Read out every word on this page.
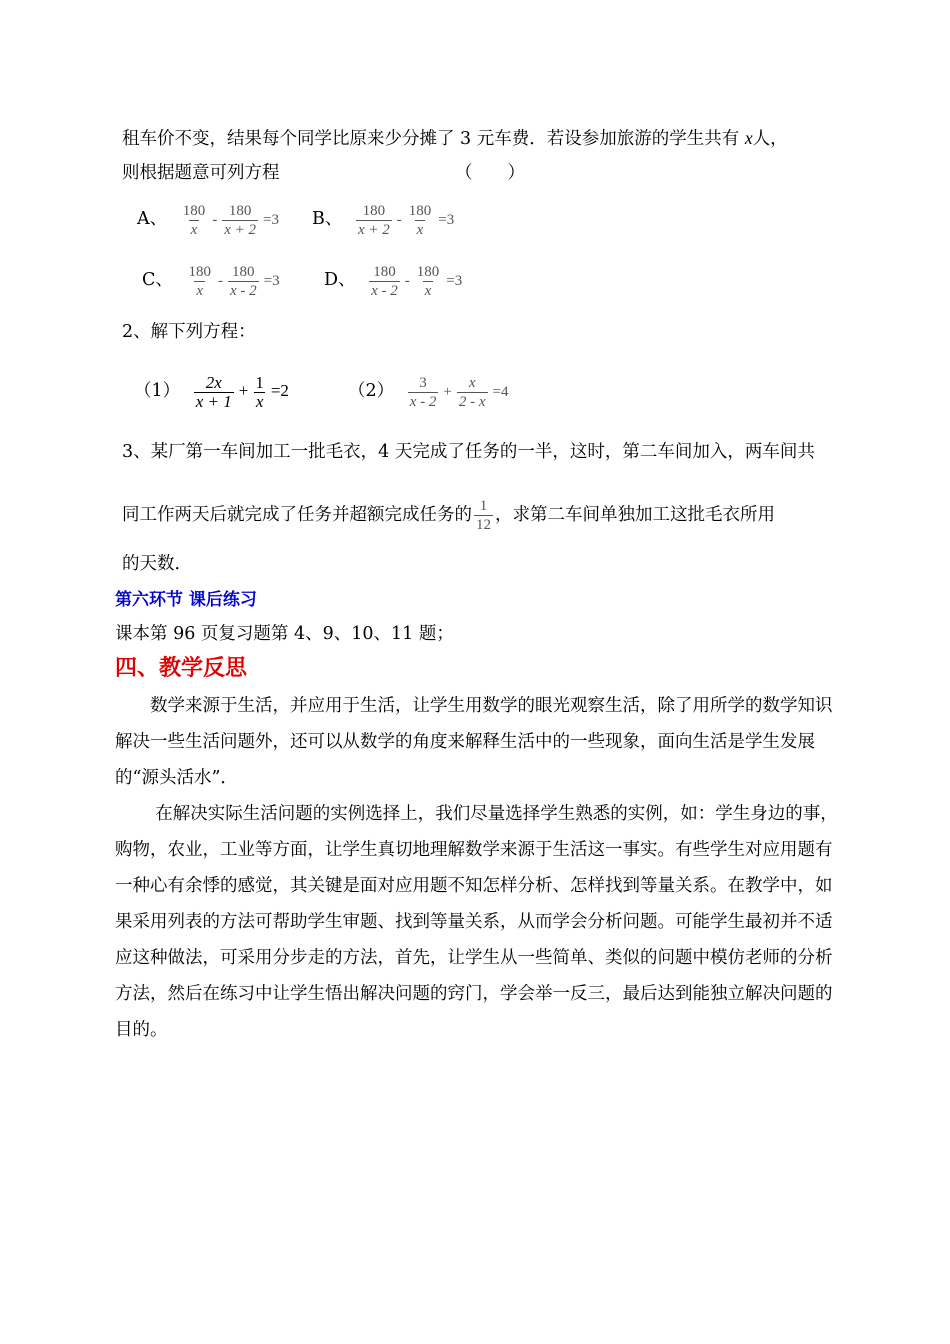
租车价不变，结果每个同学比原来少分摊了 3 元车费．若设参加旅游的学生共有 x人，
则根据题意可列方程	（　　）
A、 $\frac{180}{x} - \frac{180}{x + 2} =3$ B、 $\frac{180}{x + 2} - \frac{180}{x} =3$
C、 $\frac{180}{x} - \frac{180}{x - 2} =3$	D、 $\frac{180}{x - 2} - \frac{180}{x} =3$
2、解下列方程：
$(1) \frac{2x}{x + 1} + \frac{1}{x} =2$	$(2) \frac{3}{x - 2} + \frac{x}{2 - x} =4$
3、某厂第一车间加工一批毛衣，4 天完成了任务的一半，这时，第二车间加入，两车间共
同工作两天后就完成了任务并超额完成任务的 $\frac{1}{12}$ ，求第二车间单独加工这批毛衣所用
的天数．
第六环节 课后练习
课本第 96 页复习题第 4、9、10、11 题；
四、教学反思

数学来源于生活，并应用于生活，让学生用数学的眼光观察生活，除了用所学的数学知识解决一些生活问题外，还可以从数学的角度来解释生活中的一些现象，面向生活是学生发展的“源头活水”．

在解决实际生活问题的实例选择上，我们尽量选择学生熟悉的实例，如：学生身边的事，购物，农业，工业等方面，让学生真切地理解数学来源于生活这一事实。有些学生对应用题有一种心有余悸的感觉，其关键是面对应用题不知怎样分析、怎样找到等量关系。在教学中，如果采用列表的方法可帮助学生审题、找到等量关系，从而学会分析问题。可能学生最初并不适应这种做法，可采用分步走的方法，首先，让学生从一些简单、类似的问题中模仿老师的分析方法，然后在练习中让学生悟出解决问题的窍门，学会举一反三，最后达到能独立解决问题的目的。
